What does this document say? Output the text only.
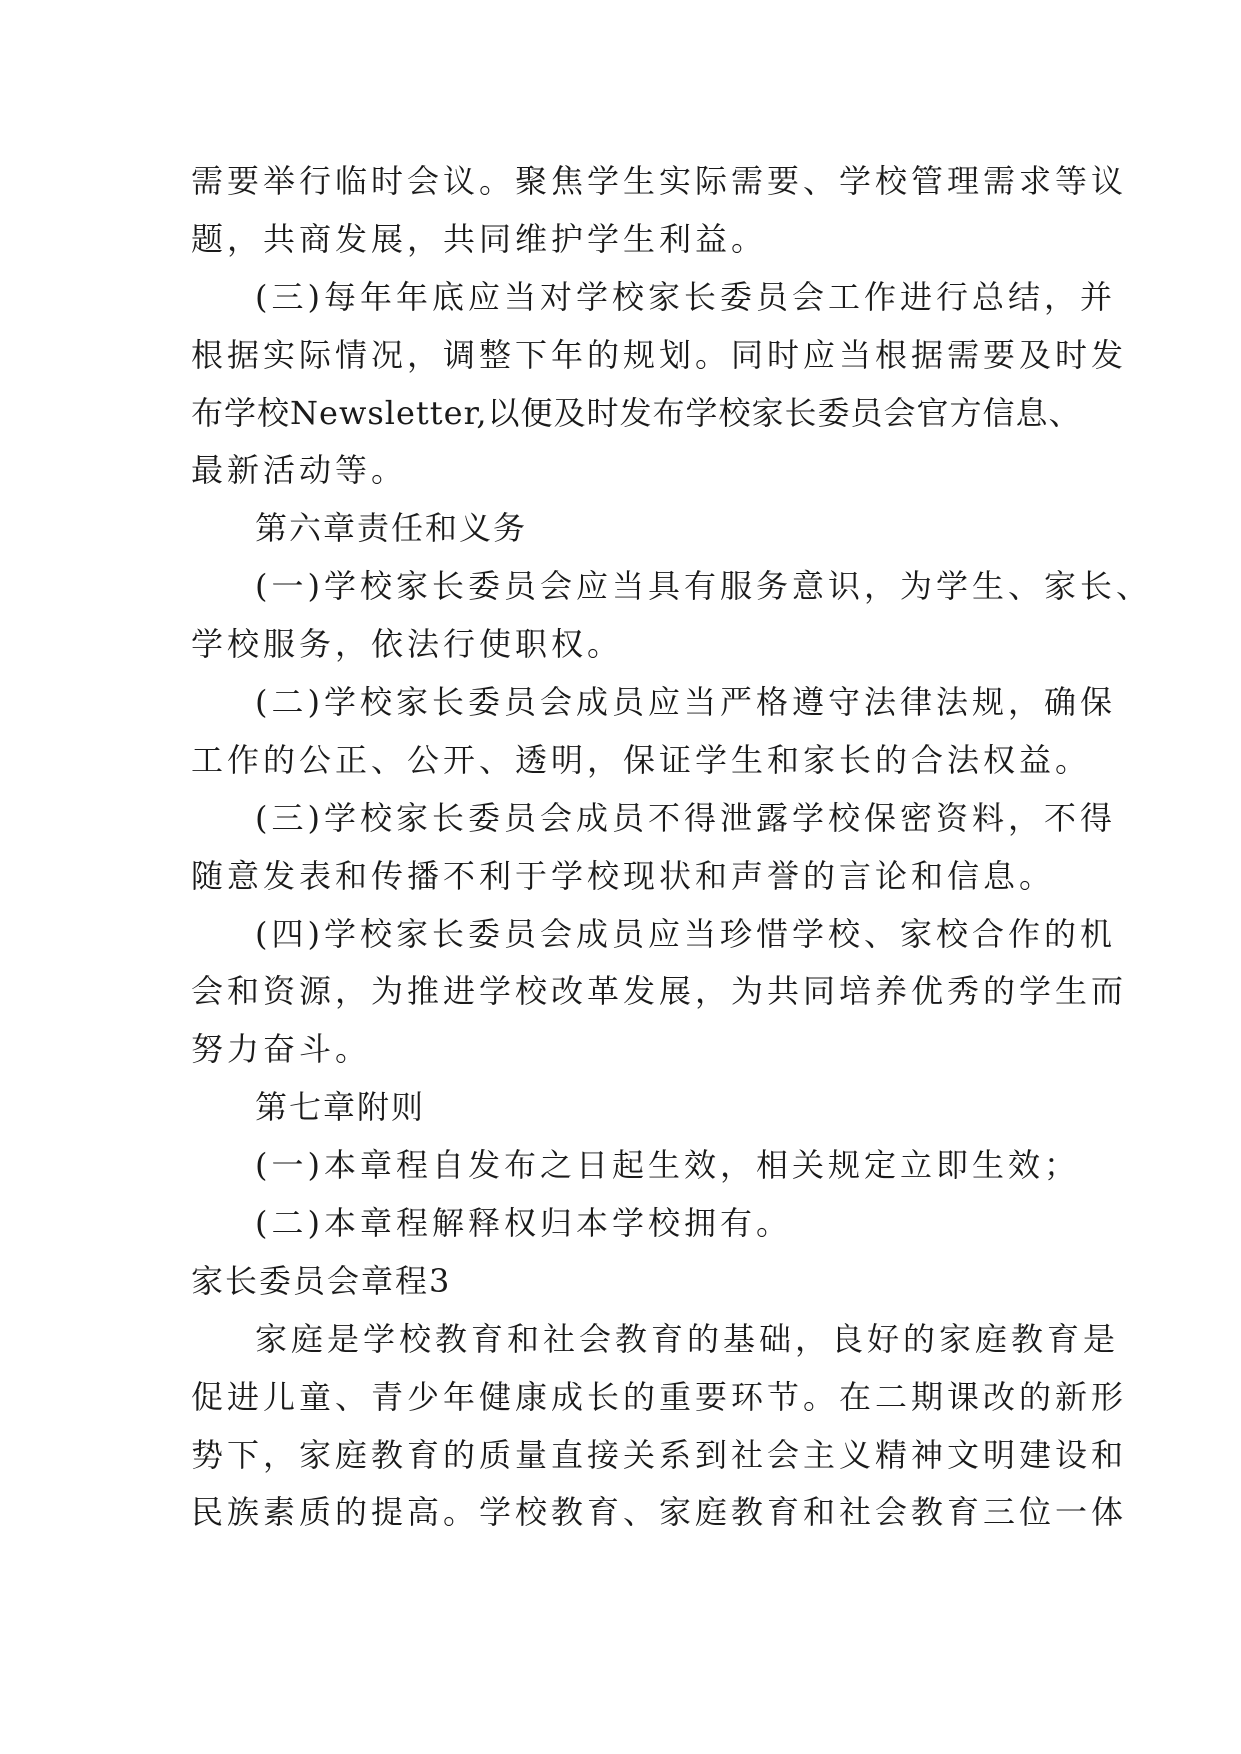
需要举行临时会议。聚焦学生实际需要、学校管理需求等议
题，共商发展，共同维护学生利益。
(三)每年年底应当对学校家长委员会工作进行总结，并
根据实际情况，调整下年的规划。同时应当根据需要及时发
布学校Newsletter,以便及时发布学校家长委员会官方信息、
最新活动等。
第六章责任和义务
(一)学校家长委员会应当具有服务意识，为学生、家长、
学校服务，依法行使职权。
(二)学校家长委员会成员应当严格遵守法律法规，确保
工作的公正、公开、透明，保证学生和家长的合法权益。
(三)学校家长委员会成员不得泄露学校保密资料，不得
随意发表和传播不利于学校现状和声誉的言论和信息。
(四)学校家长委员会成员应当珍惜学校、家校合作的机
会和资源，为推进学校改革发展，为共同培养优秀的学生而
努力奋斗。
第七章附则
(一)本章程自发布之日起生效，相关规定立即生效；
(二)本章程解释权归本学校拥有。
家长委员会章程3
家庭是学校教育和社会教育的基础，良好的家庭教育是
促进儿童、青少年健康成长的重要环节。在二期课改的新形
势下，家庭教育的质量直接关系到社会主义精神文明建设和
民族素质的提高。学校教育、家庭教育和社会教育三位一体
